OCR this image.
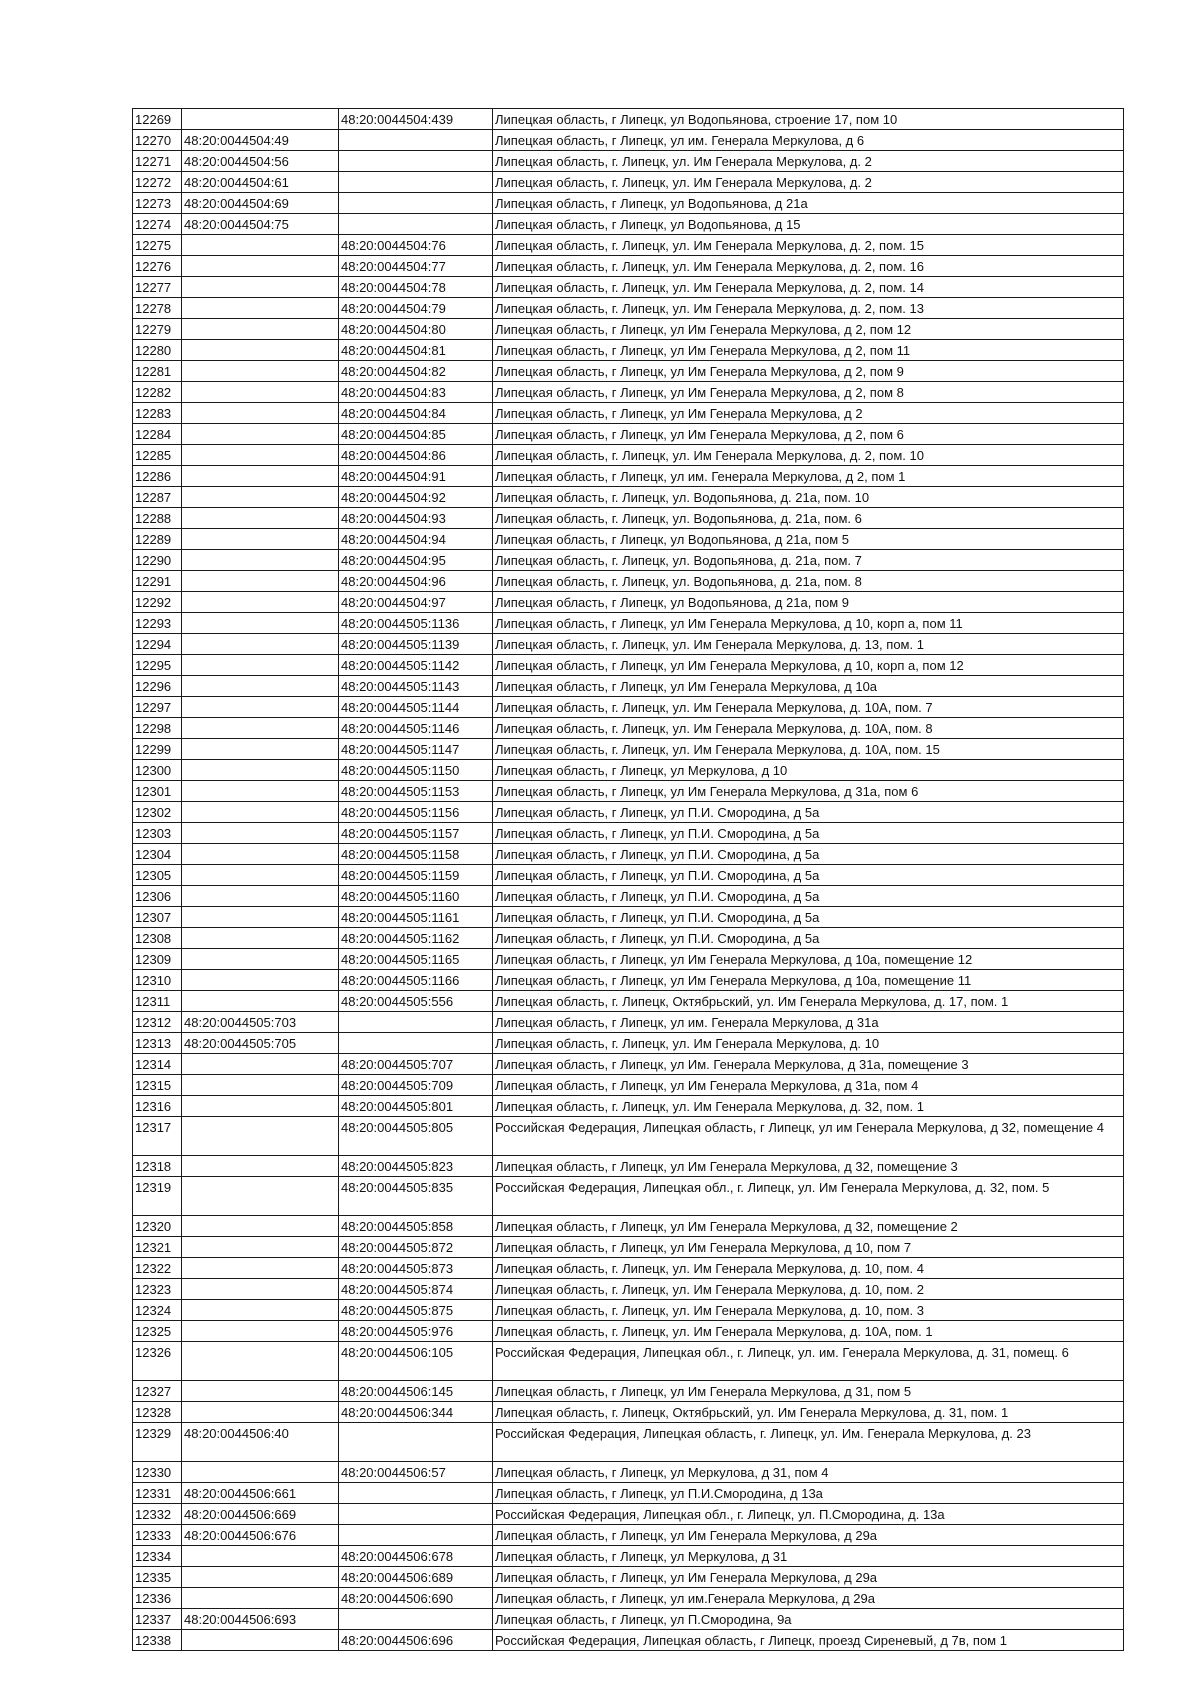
12269		48:20:0044504:439	Липецкая область, г Липецк, ул Водопьянова, строение 17, пом 10
12270	48:20:0044504:49		Липецкая область, г Липецк, ул им. Генерала Меркулова, д 6
12271	48:20:0044504:56		Липецкая область, г. Липецк, ул. Им Генерала Меркулова, д. 2
12272	48:20:0044504:61		Липецкая область, г. Липецк, ул. Им Генерала Меркулова, д. 2
12273	48:20:0044504:69		Липецкая область, г Липецк, ул Водопьянова, д 21а
12274	48:20:0044504:75		Липецкая область, г Липецк, ул Водопьянова, д 15
12275		48:20:0044504:76	Липецкая область, г. Липецк, ул. Им Генерала Меркулова, д. 2, пом. 15
12276		48:20:0044504:77	Липецкая область, г. Липецк, ул. Им Генерала Меркулова, д. 2, пом. 16
12277		48:20:0044504:78	Липецкая область, г. Липецк, ул. Им Генерала Меркулова, д. 2, пом. 14
12278		48:20:0044504:79	Липецкая область, г. Липецк, ул. Им Генерала Меркулова, д. 2, пом. 13
12279		48:20:0044504:80	Липецкая область, г Липецк, ул Им Генерала Меркулова, д 2, пом 12
12280		48:20:0044504:81	Липецкая область, г Липецк, ул Им Генерала Меркулова, д 2, пом 11
12281		48:20:0044504:82	Липецкая область, г Липецк, ул Им Генерала Меркулова, д 2, пом 9
12282		48:20:0044504:83	Липецкая область, г Липецк, ул Им Генерала Меркулова, д 2, пом 8
12283		48:20:0044504:84	Липецкая область, г Липецк, ул Им Генерала Меркулова, д 2
12284		48:20:0044504:85	Липецкая область, г Липецк, ул Им Генерала Меркулова, д 2, пом 6
12285		48:20:0044504:86	Липецкая область, г. Липецк, ул. Им Генерала Меркулова, д. 2, пом. 10
12286		48:20:0044504:91	Липецкая область, г Липецк, ул им. Генерала Меркулова, д 2, пом 1
12287		48:20:0044504:92	Липецкая область, г. Липецк, ул. Водопьянова, д. 21а, пом. 10
12288		48:20:0044504:93	Липецкая область, г. Липецк, ул. Водопьянова, д. 21а, пом. 6
12289		48:20:0044504:94	Липецкая область, г Липецк, ул Водопьянова, д 21а, пом 5
12290		48:20:0044504:95	Липецкая область, г. Липецк, ул. Водопьянова, д. 21а, пом. 7
12291		48:20:0044504:96	Липецкая область, г. Липецк, ул. Водопьянова, д. 21а, пом. 8
12292		48:20:0044504:97	Липецкая область, г Липецк, ул Водопьянова, д 21а, пом 9
12293		48:20:0044505:1136	Липецкая область, г Липецк, ул Им Генерала Меркулова, д 10, корп а, пом 11
12294		48:20:0044505:1139	Липецкая область, г. Липецк, ул. Им Генерала Меркулова, д. 13, пом. 1
12295		48:20:0044505:1142	Липецкая область, г Липецк, ул Им Генерала Меркулова, д 10, корп а, пом 12
12296		48:20:0044505:1143	Липецкая область, г Липецк, ул Им Генерала Меркулова, д 10а
12297		48:20:0044505:1144	Липецкая область, г. Липецк, ул. Им Генерала Меркулова, д. 10А, пом. 7
12298		48:20:0044505:1146	Липецкая область, г. Липецк, ул. Им Генерала Меркулова, д. 10А, пом. 8
12299		48:20:0044505:1147	Липецкая область, г. Липецк, ул. Им Генерала Меркулова, д. 10А, пом. 15
12300		48:20:0044505:1150	Липецкая область, г Липецк, ул Меркулова, д 10
12301		48:20:0044505:1153	Липецкая область, г Липецк, ул Им Генерала Меркулова, д 31а, пом 6
12302		48:20:0044505:1156	Липецкая область, г Липецк, ул П.И. Смородина, д 5а
12303		48:20:0044505:1157	Липецкая область, г Липецк, ул П.И. Смородина, д 5а
12304		48:20:0044505:1158	Липецкая область, г Липецк, ул П.И. Смородина, д 5а
12305		48:20:0044505:1159	Липецкая область, г Липецк, ул П.И. Смородина, д 5а
12306		48:20:0044505:1160	Липецкая область, г Липецк, ул П.И. Смородина, д 5а
12307		48:20:0044505:1161	Липецкая область, г Липецк, ул П.И. Смородина, д 5а
12308		48:20:0044505:1162	Липецкая область, г Липецк, ул П.И. Смородина, д 5а
12309		48:20:0044505:1165	Липецкая область, г Липецк, ул Им Генерала Меркулова, д 10а, помещение 12
12310		48:20:0044505:1166	Липецкая область, г Липецк, ул Им Генерала Меркулова, д 10а, помещение 11
12311		48:20:0044505:556	Липецкая область, г. Липецк, Октябрьский, ул. Им Генерала Меркулова, д. 17, пом. 1
12312	48:20:0044505:703		Липецкая область, г Липецк, ул им. Генерала Меркулова, д 31а
12313	48:20:0044505:705		Липецкая область, г. Липецк, ул. Им Генерала Меркулова, д. 10
12314		48:20:0044505:707	Липецкая область, г Липецк, ул Им. Генерала Меркулова, д 31а, помещение 3
12315		48:20:0044505:709	Липецкая область, г Липецк, ул Им Генерала Меркулова, д 31а, пом 4
12316		48:20:0044505:801	Липецкая область, г. Липецк, ул. Им Генерала Меркулова, д. 32, пом. 1
12317		48:20:0044505:805	Российская Федерация, Липецкая область, г Липецк, ул им Генерала Меркулова, д 32, помещение 4
12318		48:20:0044505:823	Липецкая область, г Липецк, ул Им Генерала Меркулова, д 32, помещение 3
12319		48:20:0044505:835	Российская Федерация, Липецкая обл., г. Липецк, ул. Им Генерала Меркулова, д. 32, пом. 5
12320		48:20:0044505:858	Липецкая область, г Липецк, ул Им Генерала Меркулова, д 32, помещение 2
12321		48:20:0044505:872	Липецкая область, г Липецк, ул Им Генерала Меркулова, д 10, пом 7
12322		48:20:0044505:873	Липецкая область, г. Липецк, ул. Им Генерала Меркулова, д. 10, пом. 4
12323		48:20:0044505:874	Липецкая область, г. Липецк, ул. Им Генерала Меркулова, д. 10, пом. 2
12324		48:20:0044505:875	Липецкая область, г. Липецк, ул. Им Генерала Меркулова, д. 10, пом. 3
12325		48:20:0044505:976	Липецкая область, г. Липецк, ул. Им Генерала Меркулова, д. 10А, пом. 1
12326		48:20:0044506:105	Российская Федерация, Липецкая обл., г. Липецк, ул. им. Генерала Меркулова, д. 31, помещ. 6
12327		48:20:0044506:145	Липецкая область, г Липецк, ул Им Генерала Меркулова, д 31, пом 5
12328		48:20:0044506:344	Липецкая область, г. Липецк, Октябрьский, ул. Им Генерала Меркулова, д. 31, пом. 1
12329	48:20:0044506:40		Российская Федерация, Липецкая область, г. Липецк, ул. Им. Генерала Меркулова, д. 23
12330		48:20:0044506:57	Липецкая область, г Липецк, ул Меркулова, д 31, пом 4
12331	48:20:0044506:661		Липецкая область, г Липецк, ул П.И.Смородина, д 13а
12332	48:20:0044506:669		Российская Федерация, Липецкая обл., г. Липецк, ул. П.Смородина, д. 13а
12333	48:20:0044506:676		Липецкая область, г Липецк, ул Им Генерала Меркулова, д 29а
12334		48:20:0044506:678	Липецкая область, г Липецк, ул Меркулова, д 31
12335		48:20:0044506:689	Липецкая область, г Липецк, ул Им Генерала Меркулова, д 29а
12336		48:20:0044506:690	Липецкая область, г Липецк, ул им.Генерала Меркулова, д 29а
12337	48:20:0044506:693		Липецкая область, г Липецк, ул П.Смородина, 9а
12338		48:20:0044506:696	Российская Федерация, Липецкая область, г Липецк, проезд Сиреневый, д 7в, пом 1
